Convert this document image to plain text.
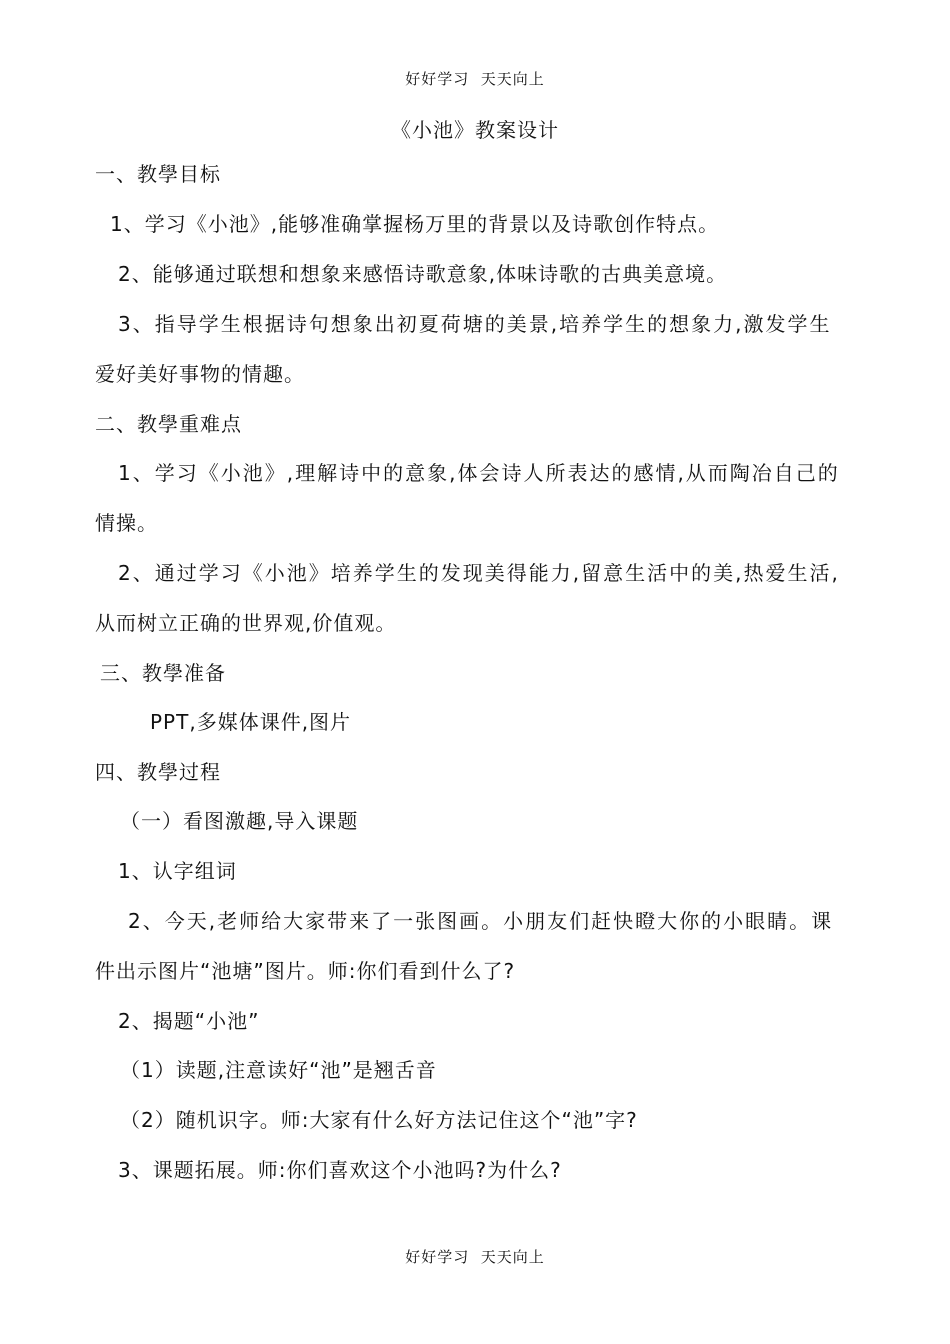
好好学习  天天向上
《小池》教案设计
一、教學目标
1、学习《小池》,能够准确掌握杨万里的背景以及诗歌创作特点。
2、能够通过联想和想象来感悟诗歌意象,体味诗歌的古典美意境。
3、指导学生根据诗句想象出初夏荷塘的美景,培养学生的想象力,激发学生
爱好美好事物的情趣。
二、教學重难点
1、学习《小池》,理解诗中的意象,体会诗人所表达的感情,从而陶冶自己的
情操。
2、通过学习《小池》培养学生的发现美得能力,留意生活中的美,热爱生活,
从而树立正确的世界观,价值观。
三、教學准备
PPT,多媒体课件,图片
四、教學过程
（一）看图激趣,导入课题
1、认字组词
2、今天,老师给大家带来了一张图画。小朋友们赶快瞪大你的小眼睛。课
件出示图片“池塘”图片。师:你们看到什么了?
2、揭题“小池”
（1）读题,注意读好“池”是翘舌音
（2）随机识字。师:大家有什么好方法记住这个“池”字?
3、课题拓展。师:你们喜欢这个小池吗?为什么?
好好学习  天天向上
